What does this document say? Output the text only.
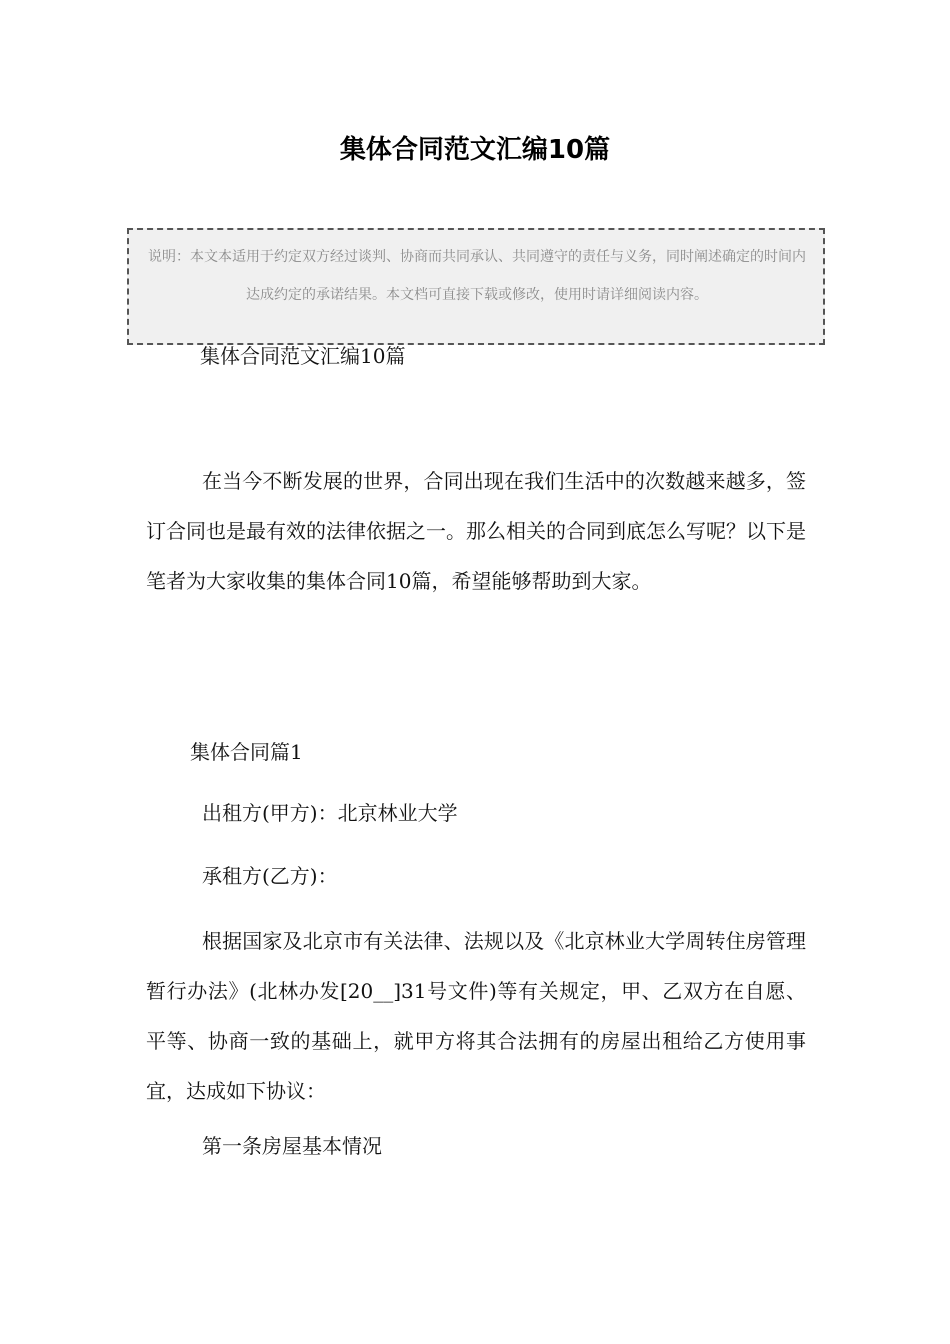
集体合同范文汇编10篇

说明：本文本适用于约定双方经过谈判、协商而共同承认、共同遵守的责任与义务，同时阐述确定的时间内达成约定的承诺结果。本文档可直接下载或修改，使用时请详细阅读内容。

集体合同范文汇编10篇

在当今不断发展的世界，合同出现在我们生活中的次数越来越多，签订合同也是最有效的法律依据之一。那么相关的合同到底怎么写呢？以下是笔者为大家收集的集体合同10篇，希望能够帮助到大家。

集体合同篇1

出租方(甲方)：北京林业大学

承租方(乙方)：

根据国家及北京市有关法律、法规以及《北京林业大学周转住房管理暂行办法》(北林办发[20__]31号文件)等有关规定，甲、乙双方在自愿、平等、协商一致的基础上，就甲方将其合法拥有的房屋出租给乙方使用事宜，达成如下协议：

第一条房屋基本情况
